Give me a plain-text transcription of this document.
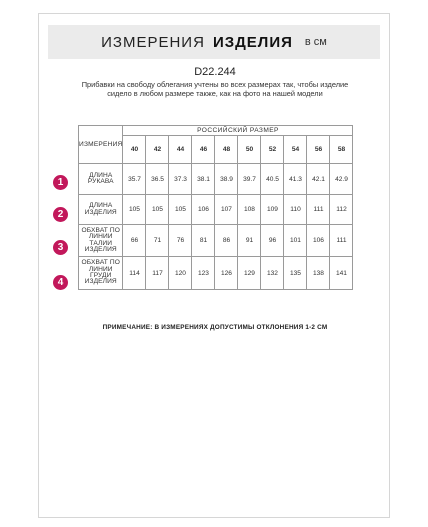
ИЗМЕРЕНИЯ ИЗДЕЛИЯ в см
D22.244
Прибавки на свободу облегания учтены во всех размерах так, чтобы изделие сидело в любом размере также, как на фото на нашей модели
1
2
3
4
ИЗМЕРЕНИЯ	РОССИЙСКИЙ РАЗМЕР									
	40	42	44	46	48	50	52	54	56	58
ДЛИНА РУКАВА	35.7	36.5	37.3	38.1	38.9	39.7	40.5	41.3	42.1	42.9
ДЛИНА ИЗДЕЛИЯ	105	105	105	106	107	108	109	110	111	112
ОБХВАТ ПО ЛИНИИ ТАЛИИ ИЗДЕЛИЯ	66	71	76	81	86	91	96	101	106	111
ОБХВАТ ПО ЛИНИИ ГРУДИ ИЗДЕЛИЯ	114	117	120	123	126	129	132	135	138	141
ПРИМЕЧАНИЕ: В ИЗМЕРЕНИЯХ ДОПУСТИМЫ ОТКЛОНЕНИЯ 1-2 СМ
